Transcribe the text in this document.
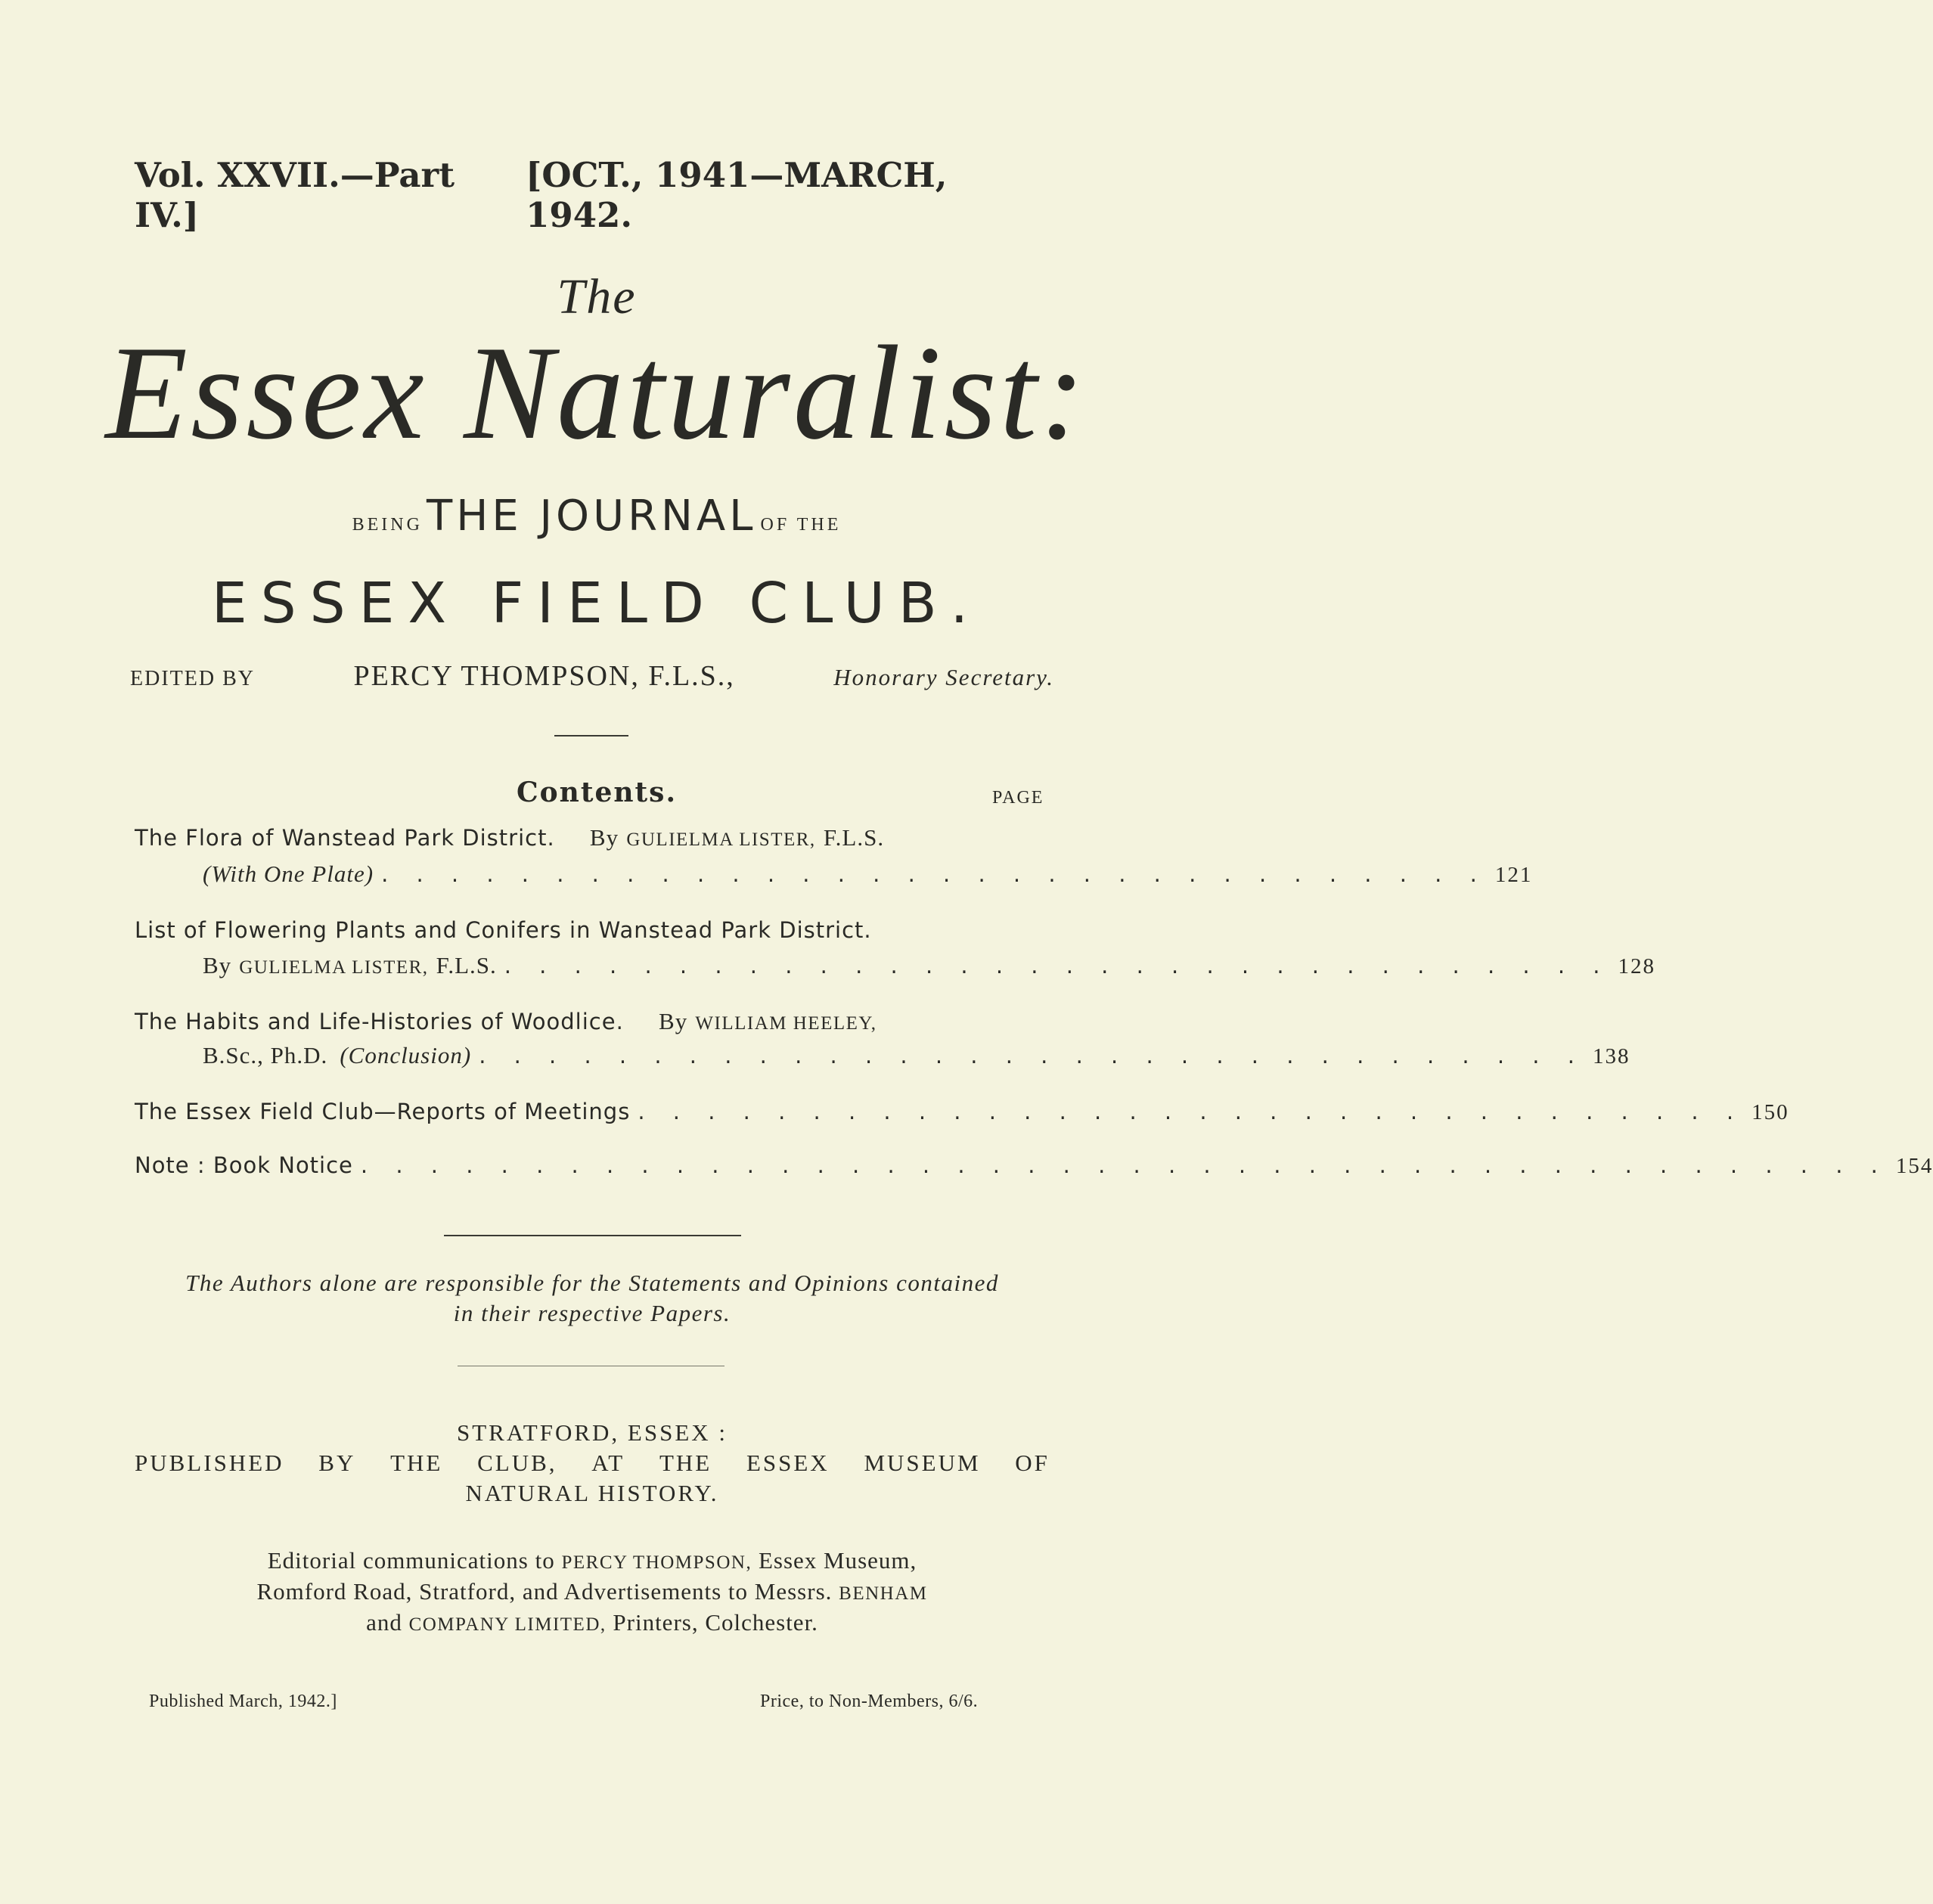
Vol. XXVII.—Part IV.]
[OCT., 1941—MARCH, 1942.
The
Essex Naturalist:
BEING THE JOURNAL OF THE
ESSEX FIELD CLUB.
EDITED BY	PERCY THOMPSON, F.L.S.,	Honorary Secretary.
Contents.	PAGE
The Flora of Wanstead Park District. By GULIELMA LISTER, F.L.S.
(With One Plate) . . . . . . . . . . . . . . . . . . . . . . . . . . . . . . . . 121
List of Flowering Plants and Conifers in Wanstead Park District.
By GULIELMA LISTER, F.L.S. . . . . . . . . . . . . . . . . . . . . . . . . . . . . . . . . 128
The Habits and Life-Histories of Woodlice. By WILLIAM HEELEY,
B.Sc., Ph.D. (Conclusion) . . . . . . . . . . . . . . . . . . . . . . . . . . . . . . . . 138
The Essex Field Club—Reports of Meetings . . . . . . . . . . . . . . . . . . . . . . . . . . . . . . . . 150
Note : Book Notice . . . . . . . . . . . . . . . . . . . . . . . . . . . . . . . . . . . . . . . . . . . . 154
The Authors alone are responsible for the Statements and Opinions contained
in their respective Papers.
STRATFORD, ESSEX :
PUBLISHED BY THE CLUB, AT THE ESSEX MUSEUM OF
NATURAL HISTORY.
Editorial communications to PERCY THOMPSON, Essex Museum,
Romford Road, Stratford, and Advertisements to Messrs. BENHAM
and COMPANY LIMITED, Printers, Colchester.
Published March, 1942.]	Price, to Non-Members, 6/6.
